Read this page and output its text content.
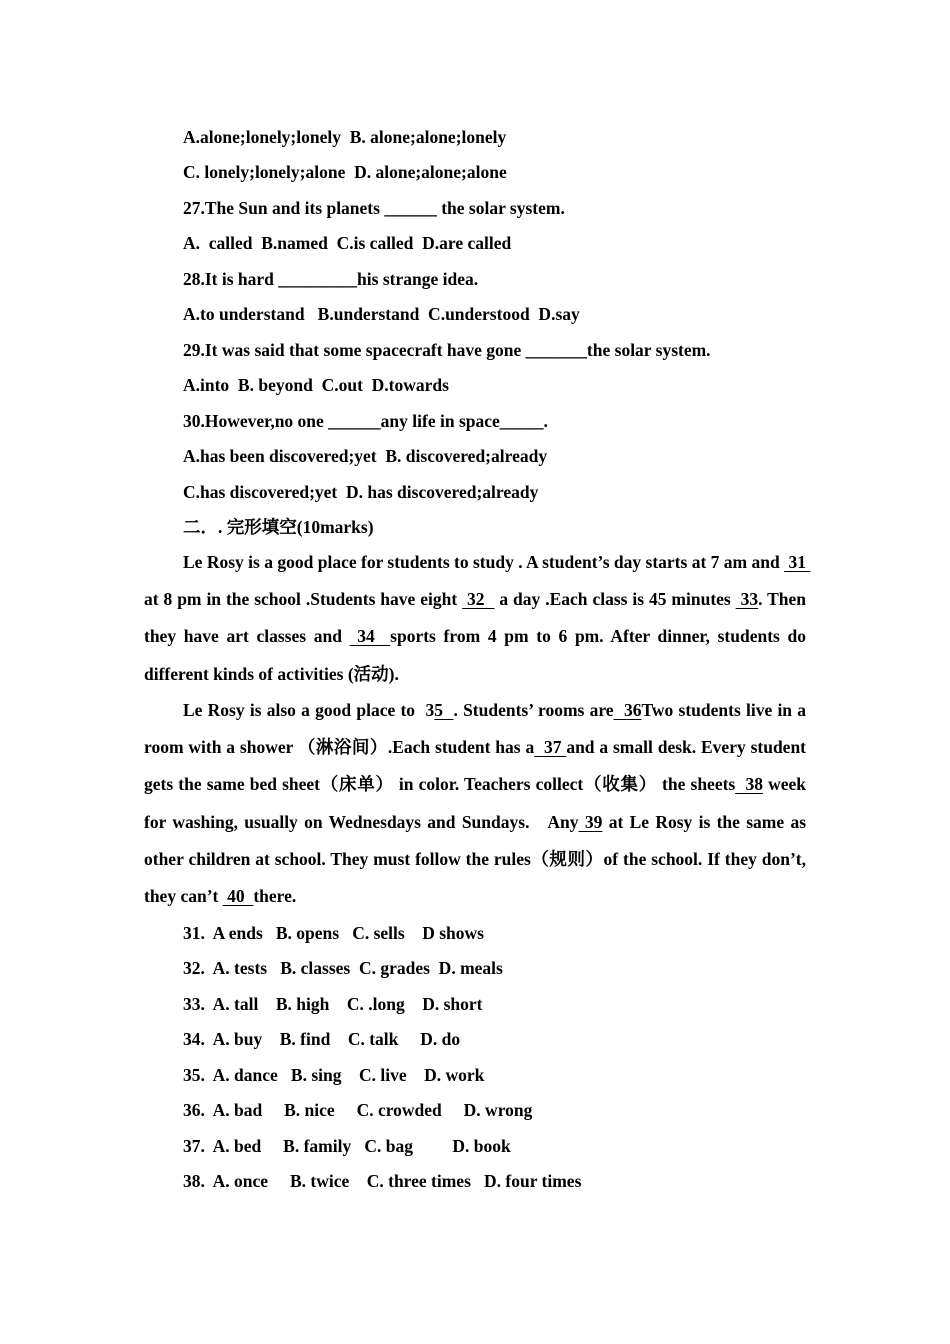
A.alone;lonely;lonely  B. alone;alone;lonely
C. lonely;lonely;alone  D. alone;alone;alone
27.The Sun and its planets ______ the solar system.
A.  called  B.named  C.is called  D.are called
28.It is hard _________his strange idea.
A.to understand   B.understand  C.understood  D.say
29.It was said that some spacecraft have gone _______the solar system.
A.into  B. beyond  C.out  D.towards
30.However,no one ______any life in space_____.
A.has been discovered;yet  B. discovered;already
C.has discovered;yet  D. has discovered;already
二．. 完形填空(10marks)
Le Rosy is a good place for students to study . A student’s day starts at 7 am and  31  at 8 pm in the school .Students have eight  32   a day .Each class is 45 minutes  33. Then they have art classes and  34  sports from 4 pm to 6 pm. After dinner, students do different kinds of activities (活动).
Le Rosy is also a good place to  35  . Students’ rooms are  36Two students live in a room with a shower （淋浴间）.Each student has a  37 and a small desk. Every student gets the same bed sheet（床单） in color. Teachers collect（收集） the sheets  38 week for washing, usually on Wednesdays and Sundays.   Any 39 at Le Rosy is the same as other children at school. They must follow the rules（规则）of the school. If they don’t, they can’t  40  there.
31.  A ends   B. opens   C. sells    D shows
32.  A. tests   B. classes  C. grades  D. meals
33.  A. tall    B. high    C. .long    D. short
34.  A. buy    B. find    C. talk     D. do
35.  A. dance   B. sing    C. live    D. work
36.  A. bad     B. nice     C. crowded     D. wrong
37.  A. bed     B. family   C. bag         D. book
38.  A. once     B. twice    C. three times   D. four times
